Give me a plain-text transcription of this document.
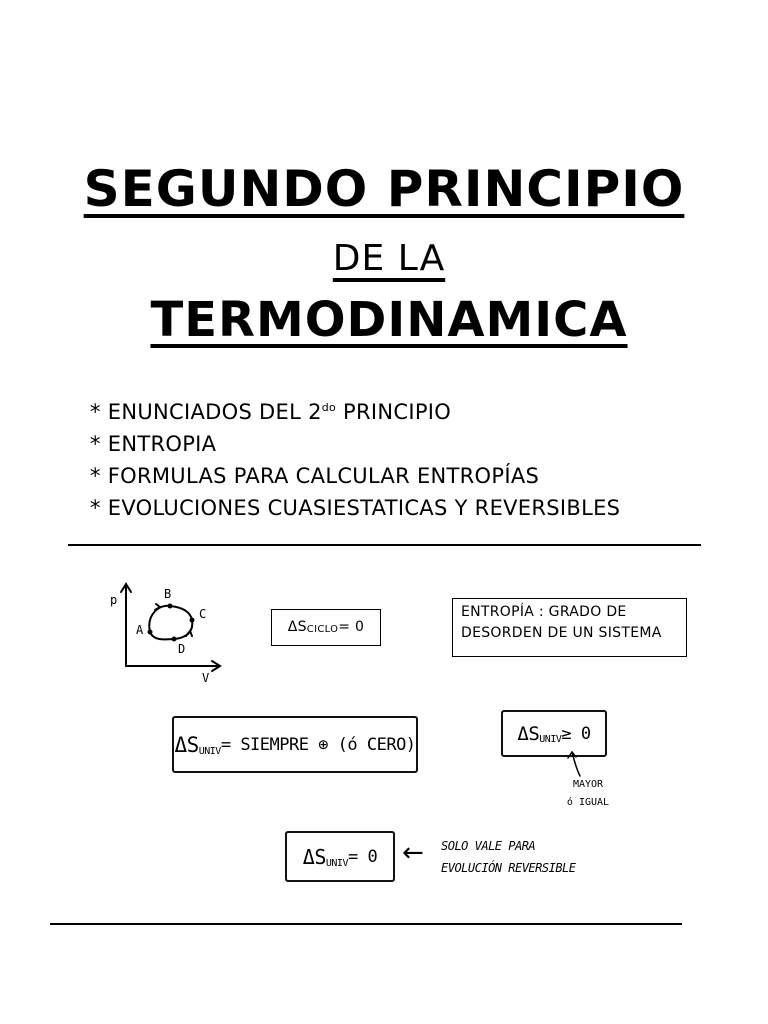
SEGUNDO PRINCIPIO
DE LA
TERMODINAMICA
* ENUNCIADOS DEL $2^{do}$ PRINCIPIO
* ENTROPIA
* FORMULAS PARA CALCULAR ENTROPÍAS
* EVOLUCIONES CUASIESTATICAS Y REVERSIBLES
p
V
A
B
C
D
ΔS CICLO = 0
ENTROPÍA : GRADO DE
DESORDEN DE UN SISTEMA
$\Delta S_{UNIV}$ = SIEMPRE ⊕ (ó CERO)	$\Delta S_{UNIV} \ge 0$
MAYOR
ó IGUAL
$\Delta S_{UNIV} = 0$ ← SOLO VALE PARA
EVOLUCIÓN REVERSIBLE
